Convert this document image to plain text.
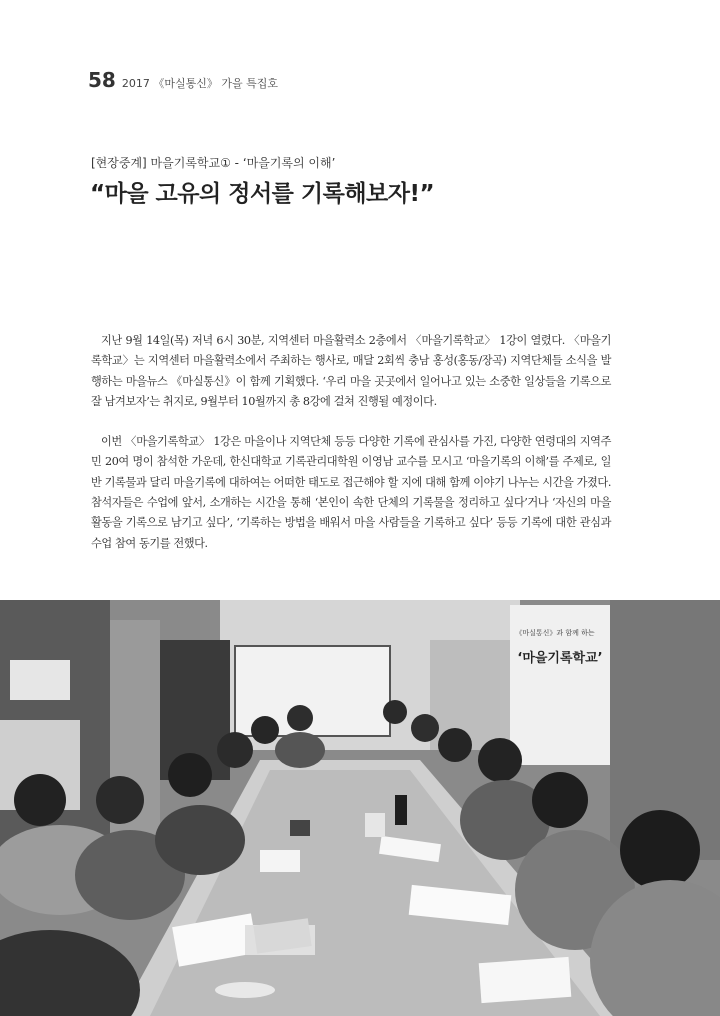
58 2017 《마실통신》 가을 특집호
[현장중계] 마을기록학교① - ‘마을기록의 이해’
“마을 고유의 정서를 기록해보자!”

지난 9월 14일(목) 저녁 6시 30분, 지역센터 마을활력소 2층에서 〈마을기록학교〉 1강이 열렸다. 〈마을기록학교〉는 지역센터 마을활력소에서 주최하는 행사로, 매달 2회씩 충남 홍성(홍동/장곡) 지역단체들 소식을 발행하는 마을뉴스 《마실통신》이 함께 기획했다. ‘우리 마을 곳곳에서 일어나고 있는 소중한 일상들을 기록으로 잘 남겨보자’는 취지로, 9월부터 10월까지 총 8강에 걸쳐 진행될 예정이다.

이번 〈마을기록학교〉 1강은 마을이나 지역단체 등등 다양한 기록에 관심사를 가진, 다양한 연령대의 지역주민 20여 명이 참석한 가운데, 한신대학교 기록관리대학원 이영남 교수를 모시고 ‘마을기록의 이해’를 주제로, 일반 기록물과 달리 마을기록에 대하여는 어떠한 태도로 접근해야 할 지에 대해 함께 이야기 나누는 시간을 가졌다. 참석자들은 수업에 앞서, 소개하는 시간을 통해 ‘본인이 속한 단체의 기록물을 정리하고 싶다’거나 ‘자신의 마을 활동을 기록으로 남기고 싶다’, ‘기록하는 방법을 배워서 마을 사람들을 기록하고 싶다’ 등등 기록에 대한 관심과 수업 참여 동기를 전했다.

《마실통신》과 함께 하는
‘마을기록학교’
